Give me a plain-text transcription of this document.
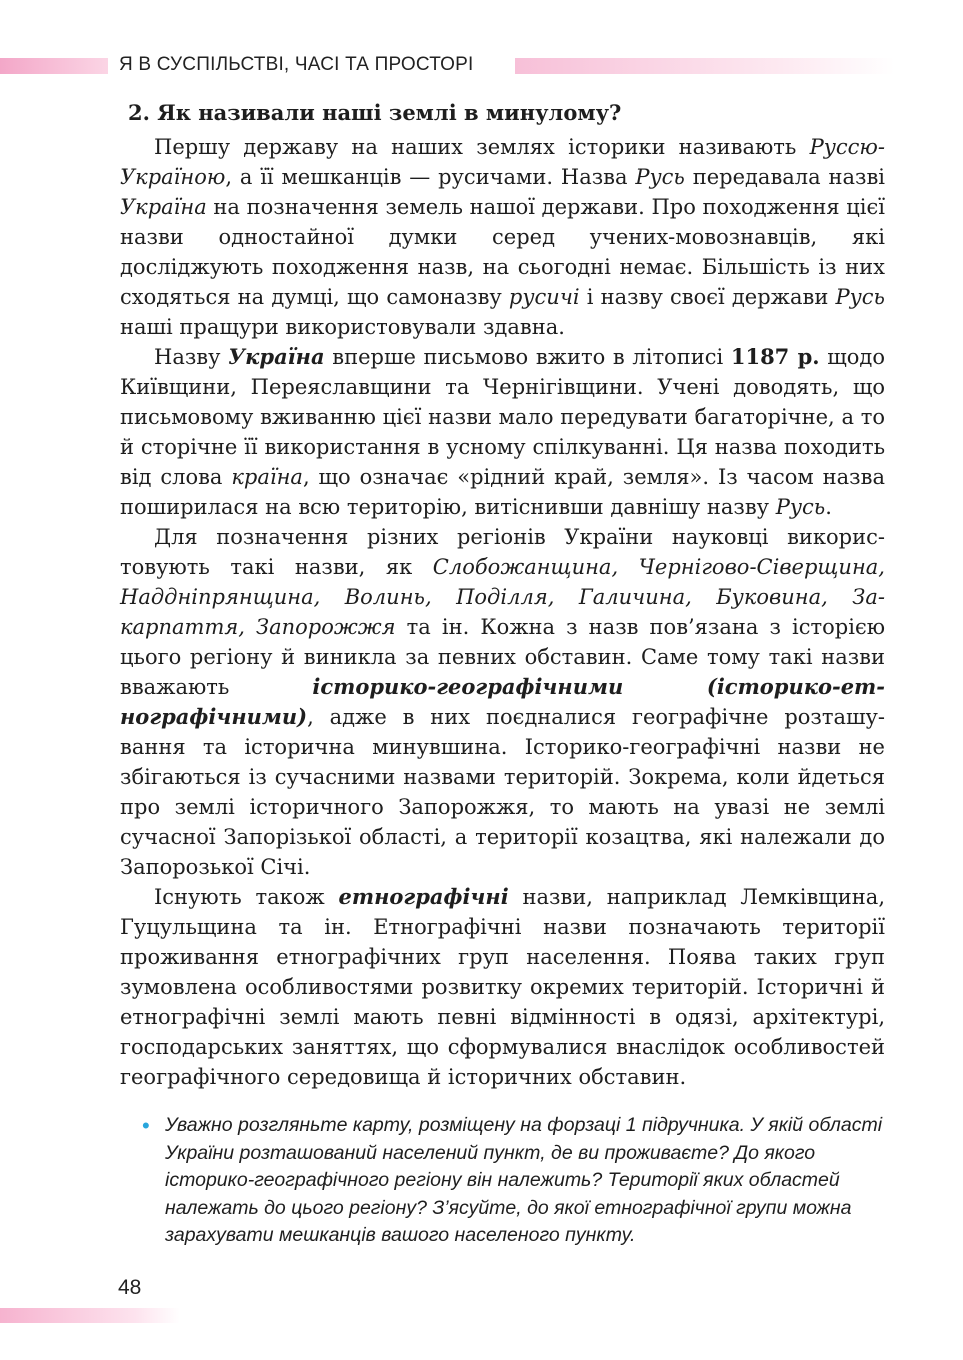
Я В СУСПІЛЬСТВІ, ЧАСІ ТА ПРОСТОРІ
2. Як називали наші землі в минулому?

Першу державу на наших землях історики називають Руссю-Україною, а її мешканців — русичами. Назва Русь передавала назві Україна на позначення земель нашої держави. Про походження цієї назви одностайної думки серед учених-мовознавців, які досліджують походження назв, на сьогодні немає. Більшість із них сходяться на думці, що самоназву русичі і назву своєї держави Русь наші пращури використовували здавна.

Назву Україна вперше письмово вжито в літописі 1187 р. щодо Київщини, Переяславщини та Чернігівщини. Учені доводять, що письмовому вживанню цієї назви мало передувати багаторічне, а то й сторічне її використання в усному спілкуванні. Ця назва походить від слова країна, що означає «рідний край, земля». Із часом назва поширилася на всю територію, витіснивши давнішу назву Русь.

Для позначення різних регіонів України науковці використовують такі назви, як Слобожанщина, Чернігово-Сіверщина, Наддніпрянщина, Волинь, Поділля, Галичина, Буковина, Закарпаття, Запорожжя та ін. Кожна з назв пов’язана з історією цього регіону й виникла за певних обставин. Саме тому такі назви вважають історико-географічними (історико-етнографічними), адже в них поєдналися географічне розташування та історична минувшина. Історико-географічні назви не збігаються із сучасними назвами територій. Зокрема, коли йдеться про землі історичного Запорожжя, то мають на увазі не землі сучасної Запорізької області, а території козацтва, які належали до Запорозької Січі.

Існують також етнографічні назви, наприклад Лемківщина, Гуцульщина та ін. Етнографічні назви позначають території проживання етнографічних груп населення. Поява таких груп зумовлена особливостями розвитку окремих територій. Історичні й етнографічні землі мають певні відмінності в одязі, архітектурі, господарських заняттях, що сформувалися внаслідок особливостей географічного середовища й історичних обставин.

• Уважно розгляньте карту, розміщену на форзаці 1 підручника. У якій області України розташований населений пункт, де ви проживаєте? До якого історико-географічного регіону він належить? Території яких областей належать до цього регіону? З’ясуйте, до якої етнографічної групи можна зарахувати мешканців вашого населеного пункту.
48
